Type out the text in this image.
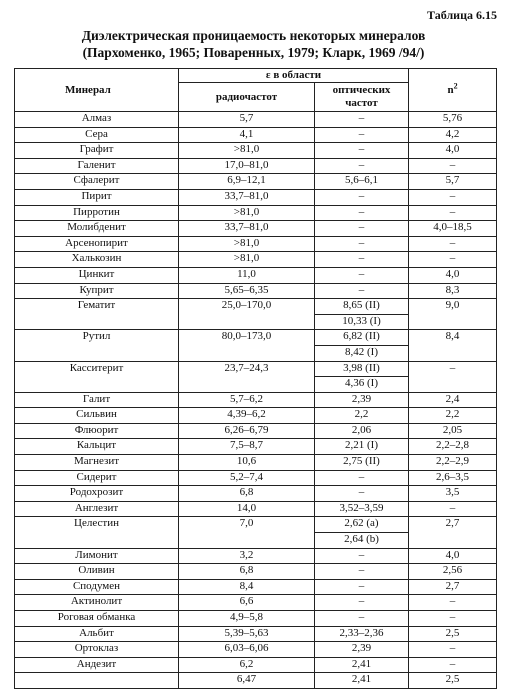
Таблица 6.15
Диэлектрическая проницаемость некоторых минералов
(Пархоменко, 1965; Поваренных, 1979; Кларк, 1969 /94/)
Минерал	ε в области		$n^2$
	радиочастот	оптических частот	
Алмаз	5,7	–	5,76
Сера	4,1	–	4,2
Графит	>81,0	–	4,0
Галенит	17,0–81,0	–	–
Сфалерит	6,9–12,1	5,6–6,1	5,7
Пирит	33,7–81,0	–	–
Пирротин	>81,0	–	–
Молибденит	33,7–81,0	–	4,0–18,5
Арсенопирит	>81,0	–	–
Халькозин	>81,0	–	–
Цинкит	11,0	–	4,0
Куприт	5,65–6,35	–	8,3
Гематит	25,0–170,0	8,65 (II)	9,0
		10,33 (I)	
Рутил	80,0–173,0	6,82 (II)	8,4
		8,42 (I)	
Касситерит	23,7–24,3	3,98 (II)	–
		4,36 (I)	
Галит	5,7–6,2	2,39	2,4
Сильвин	4,39–6,2	2,2	2,2
Флюорит	6,26–6,79	2,06	2,05
Кальцит	7,5–8,7	2,21 (I)	2,2–2,8
Магнезит	10,6	2,75 (II)	2,2–2,9
Сидерит	5,2–7,4	–	2,6–3,5
Родохрозит	6,8	–	3,5
Англезит	14,0	3,52–3,59	–
Целестин	7,0	2,62 (a)	2,7
		2,64 (b)	
Лимонит	3,2	–	4,0
Оливин	6,8	–	2,56
Сподумен	8,4	–	2,7
Актинолит	6,6	–	–
Роговая обманка	4,9–5,8	–	–
Альбит	5,39–5,63	2,33–2,36	2,5
Ортоклаз	6,03–6,06	2,39	–
Андезит	6,2	2,41	–
	6,47	2,41	2,5
